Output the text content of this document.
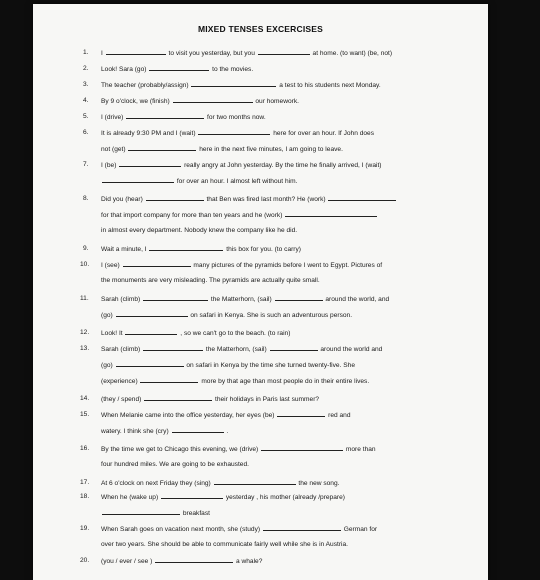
MIXED TENSES EXCERCISES
1. I	to visit you yesterday, but you	at home. (to want) (be, not)
2. Look! Sara (go)	to the movies.
3. The teacher (probably/assign)	a test to his students next Monday.
4. By 9 o'clock, we (finish)	our homework.
5. I (drive)	for two months now.
6. It is already 9:30 PM and I (wait)	here for over an hour. If John does
not (get)	here in the next five minutes, I am going to leave.
7. I (be)	really angry at John yesterday. By the time he finally arrived, I (wait)
for over an hour. I almost left without him.
8. Did you (hear)	that Ben was fired last month? He (work)
for that import company for more than ten years and he (work)
in almost every department. Nobody knew the company like he did.
9. Wait a minute, I	this box for you. (to carry)
10. I (see)	many pictures of the pyramids before I went to Egypt. Pictures of
the monuments are very misleading. The pyramids are actually quite small.
11. Sarah (climb)	the Matterhorn, (sail)	around the world, and
(go)	on safari in Kenya. She is such an adventurous person.
12. Look! It	, so we can't go to the beach. (to rain)
13. Sarah (climb)	the Matterhorn, (sail)	around the world and
(go)	on safari in Kenya by the time she turned twenty-five. She
(experience)	more by that age than most people do in their entire lives.
14. (they / spend)	their holidays in Paris last summer?
15. When Melanie came into the office yesterday, her eyes (be)	red and
watery. I think she (cry)	.
16. By the time we get to Chicago this evening, we (drive)	more than
four hundred miles. We are going to be exhausted.
17. At 6 o'clock on next Friday they (sing)	the new song.
18. When he (wake up)	yesterday , his mother (already /prepare)
breakfast
19. When Sarah goes on vacation next month, she (study)	German for
over two years. She should be able to communicate fairly well while she is in Austria.
20. (you / ever / see )	a whale?
